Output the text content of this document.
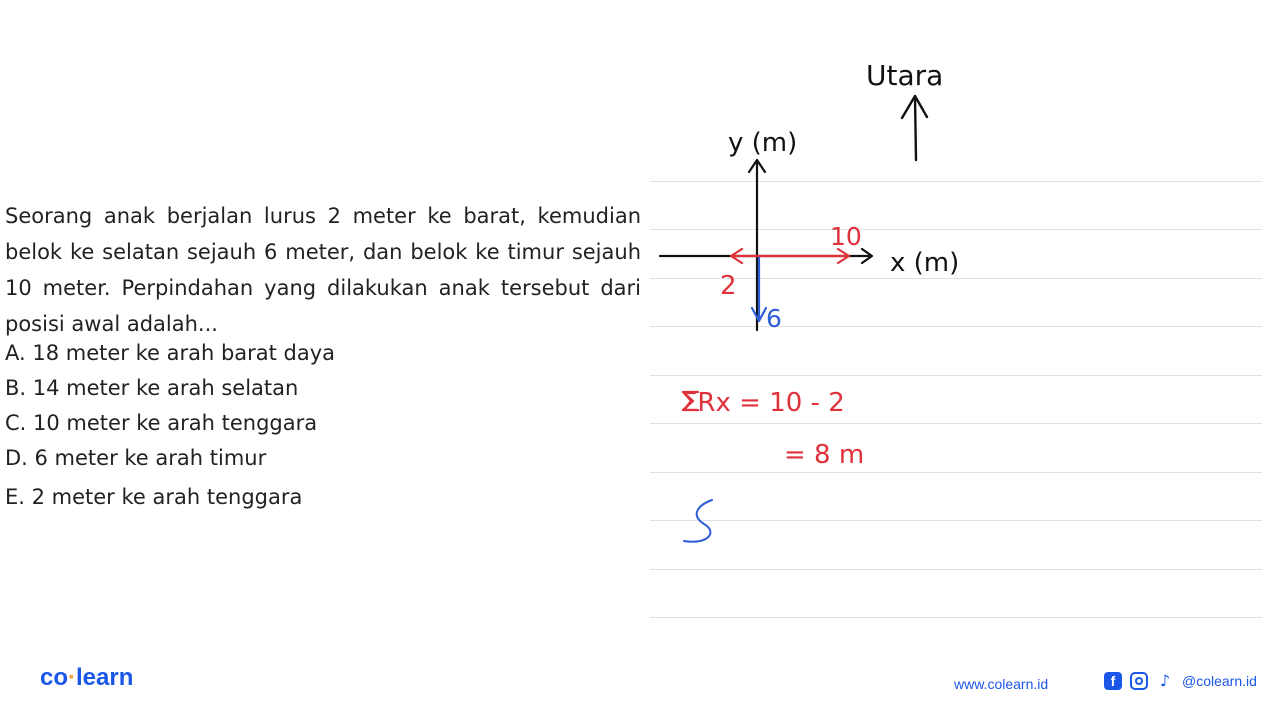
Seorang anak berjalan lurus 2 meter ke barat, kemudian belok ke selatan sejauh 6 meter, dan belok ke timur sejauh 10 meter. Perpindahan yang dilakukan anak tersebut dari posisi awal adalah...
A. 18 meter ke arah barat daya
B. 14 meter ke arah selatan
C. 10 meter ke arah tenggara
D. 6 meter ke arah timur
E. 2 meter ke arah tenggara
Utara
y (m)
x (m)
10
2
6
ΣRx = 10 - 2
= 8 m
co·learn	www.colearn.id	f	♪ @colearn.id
